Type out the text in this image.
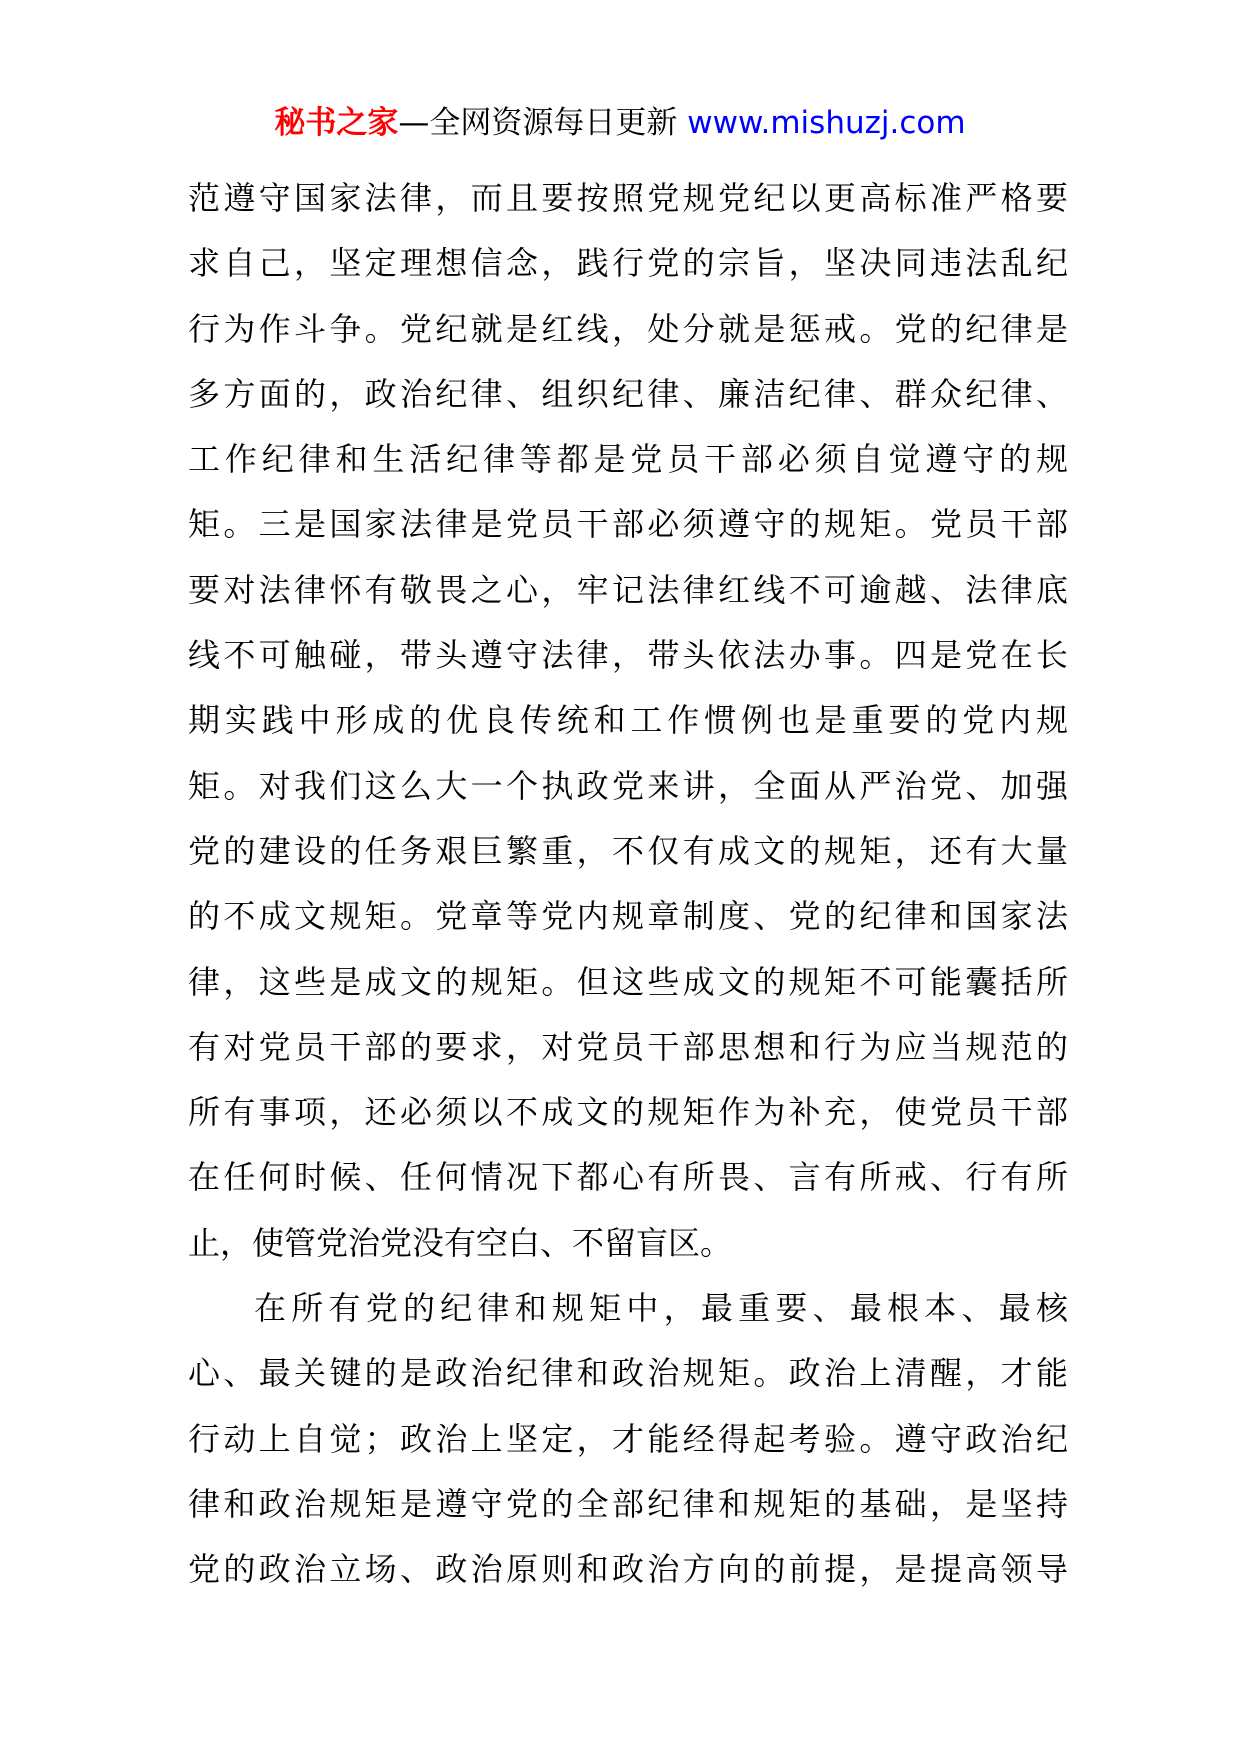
秘书之家—全网资源每日更新 www.mishuzj.com
范遵守国家法律，而且要按照党规党纪以更高标准严格要
求自己，坚定理想信念，践行党的宗旨，坚决同违法乱纪
行为作斗争。党纪就是红线，处分就是惩戒。党的纪律是
多方面的，政治纪律、组织纪律、廉洁纪律、群众纪律、
工作纪律和生活纪律等都是党员干部必须自觉遵守的规
矩。三是国家法律是党员干部必须遵守的规矩。党员干部
要对法律怀有敬畏之心，牢记法律红线不可逾越、法律底
线不可触碰，带头遵守法律，带头依法办事。四是党在长
期实践中形成的优良传统和工作惯例也是重要的党内规
矩。对我们这么大一个执政党来讲，全面从严治党、加强
党的建设的任务艰巨繁重，不仅有成文的规矩，还有大量
的不成文规矩。党章等党内规章制度、党的纪律和国家法
律，这些是成文的规矩。但这些成文的规矩不可能囊括所
有对党员干部的要求，对党员干部思想和行为应当规范的
所有事项，还必须以不成文的规矩作为补充，使党员干部
在任何时候、任何情况下都心有所畏、言有所戒、行有所
止，使管党治党没有空白、不留盲区。
在所有党的纪律和规矩中，最重要、最根本、最核
心、最关键的是政治纪律和政治规矩。政治上清醒，才能
行动上自觉；政治上坚定，才能经得起考验。遵守政治纪
律和政治规矩是遵守党的全部纪律和规矩的基础，是坚持
党的政治立场、政治原则和政治方向的前提，是提高领导
